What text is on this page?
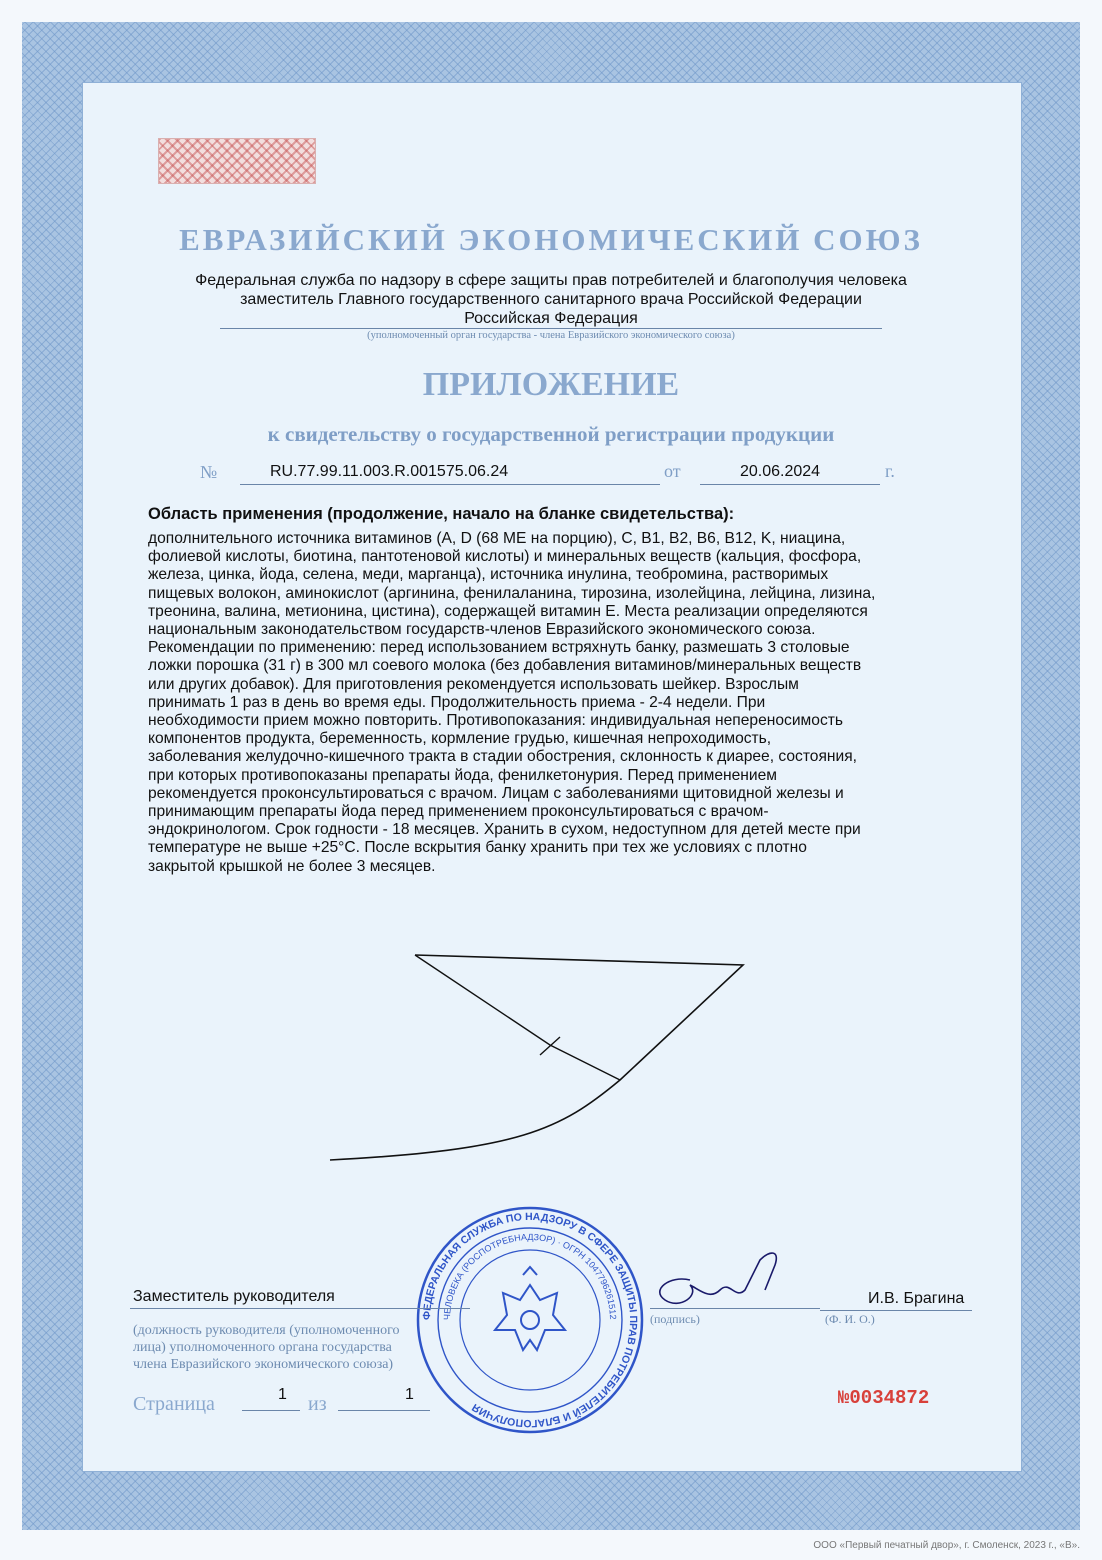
ЕВРАЗИЙСКИЙ ЭКОНОМИЧЕСКИЙ СОЮЗ
Федеральная служба по надзору в сфере защиты прав потребителей и благополучия человека
заместитель Главного государственного санитарного врача Российской Федерации
Российская Федерация
(уполномоченный орган государства - члена Евразийского экономического союза)
ПРИЛОЖЕНИЕ
к свидетельству о государственной регистрации продукции
№	RU.77.99.11.003.R.001575.06.24	от	20.06.2024	г.
Область применения (продолжение, начало на бланке свидетельства):
дополнительного источника витаминов (A, D (68 МЕ на порцию), C, B1, B2, B6, B12, K, ниацина,
фолиевой кислоты, биотина, пантотеновой кислоты) и минеральных веществ (кальция, фосфора,
железа, цинка, йода, селена, меди, марганца), источника инулина, теобромина, растворимых
пищевых волокон, аминокислот (аргинина, фенилаланина, тирозина, изолейцина, лейцина, лизина,
треонина, валина, метионина, цистина), содержащей витамин E. Места реализации определяются
национальным законодательством государств-членов Евразийского экономического союза.
Рекомендации по применению: перед использованием встряхнуть банку, размешать 3 столовые
ложки порошка (31 г) в 300 мл соевого молока (без добавления витаминов/минеральных веществ
или других добавок). Для приготовления рекомендуется использовать шейкер. Взрослым
принимать 1 раз в день во время еды. Продолжительность приема - 2-4 недели. При
необходимости прием можно повторить. Противопоказания: индивидуальная непереносимость
компонентов продукта, беременность, кормление грудью, кишечная непроходимость,
заболевания желудочно-кишечного тракта в стадии обострения, склонность к диарее, состояния,
при которых противопоказаны препараты йода, фенилкетонурия. Перед применением
рекомендуется проконсультироваться с врачом. Лицам с заболеваниями щитовидной железы и
принимающим препараты йода перед применением проконсультироваться с врачом-
эндокринологом. Срок годности - 18 месяцев. Хранить в сухом, недоступном для детей месте при
температуре не выше +25°С. После вскрытия банку хранить при тех же условиях с плотно
закрытой крышкой не более 3 месяцев.
ФЕДЕРАЛЬНАЯ СЛУЖБА ПО НАДЗОРУ В СФЕРЕ ЗАЩИТЫ ПРАВ ПОТРЕБИТЕЛЕЙ И БЛАГОПОЛУЧИЯ
ЧЕЛОВЕКА (РОСПОТРЕБНАДЗОР) · ОГРН 1047796261512
Заместитель руководителя
(должность руководителя (уполномоченного
лица) уполномоченного органа государства
члена Евразийского экономического союза)
(подпись)
И.В. Брагина
(Ф. И. О.)
Страница	1 из	1	№0034872
ООО «Первый печатный двор», г. Смоленск, 2023 г., «В».
